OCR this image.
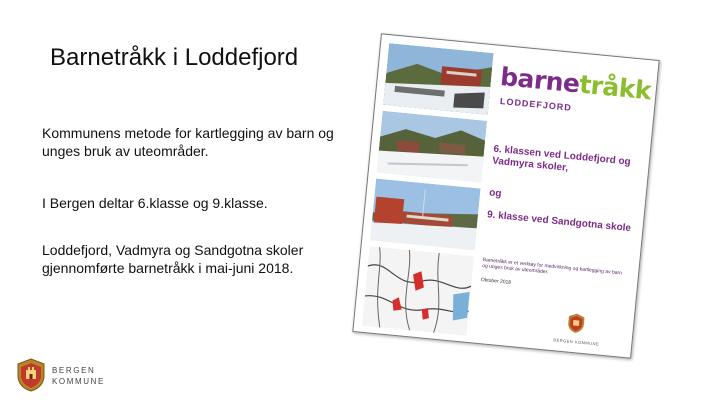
Barnetråkk i Loddefjord
Kommunens metode for kartlegging av barn og unges bruk av uteområder.
I Bergen deltar 6.klasse og 9.klasse.
Loddefjord, Vadmyra og Sandgotna skoler gjennomførte barnetråkk i mai-juni 2018.
BERGEN
KOMMUNE
barnetråkk
LODDEFJORD
6. klassen ved Loddefjord og Vadmyra skoler,
og
9. klasse ved Sandgotna skole
Barnetråkk er et verktøy for medvirkning og kartlegging av barn og unges bruk av uteområder.
Oktober 2018
BERGEN KOMMUNE
